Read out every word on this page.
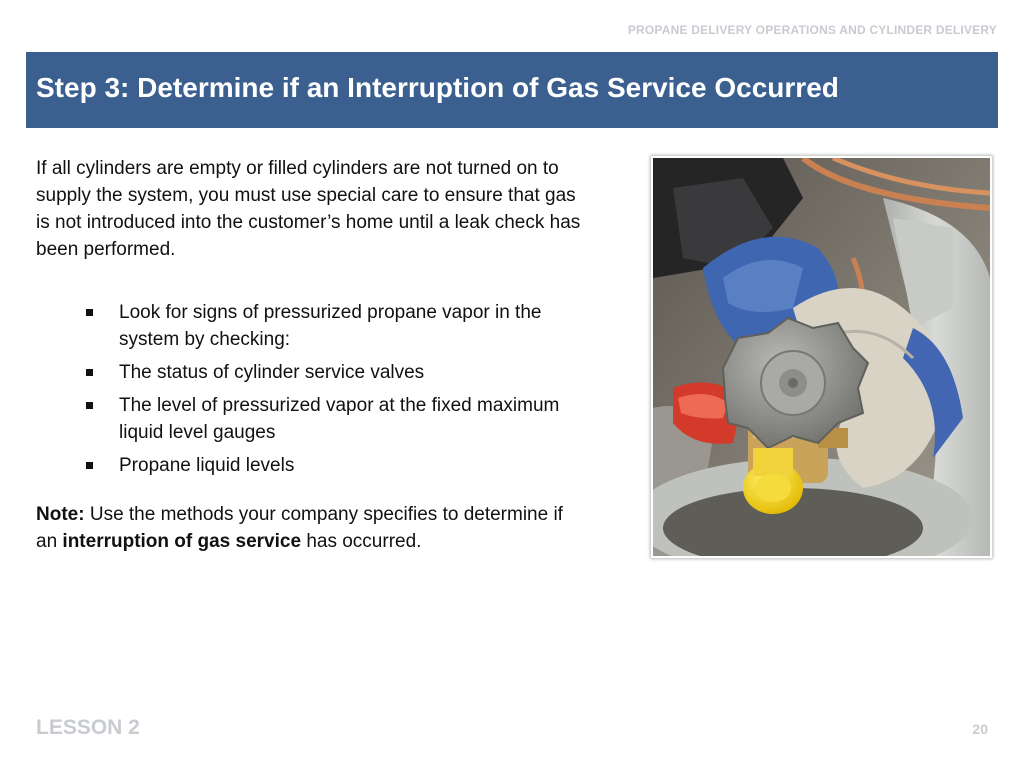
PROPANE DELIVERY OPERATIONS AND CYLINDER DELIVERY
Step 3: Determine if an Interruption of Gas Service Occurred

If all cylinders are empty or filled cylinders are not turned on to supply the system, you must use special care to ensure that gas is not introduced into the customer’s home until a leak check has been performed.

Look for signs of pressurized propane vapor in the system by checking:
The status of cylinder service valves
The level of pressurized vapor at the fixed maximum liquid level gauges
Propane liquid levels

Note: Use the methods your company specifies to determine if an interruption of gas service has occurred.

LESSON 2	20
